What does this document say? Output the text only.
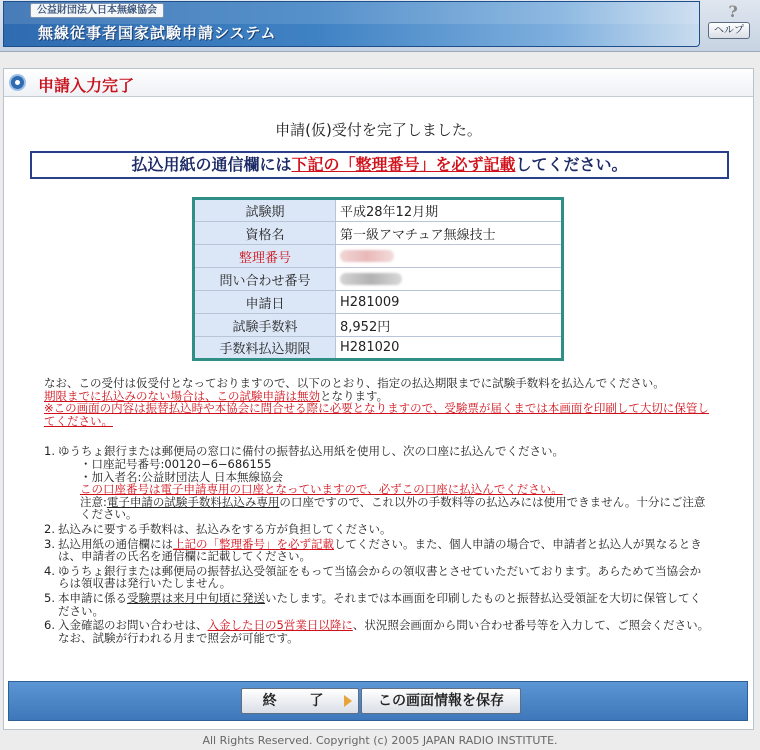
公益財団法人日本無線協会
無線従事者国家試験申請システム
?
ヘルプ
申請入力完了
申請(仮)受付を完了しました。
払込用紙の通信欄には下記の「整理番号」を必ず記載してください。
試験期	平成28年12月期
資格名	第一級アマチュア無線技士
整理番号	
問い合わせ番号	
申請日	H281009
試験手数料	8,952円
手数料払込期限	H281020

なお、この受付は仮受付となっておりますので、以下のとおり、指定の払込期限までに試験手数料を払込んでください。

期限までに払込みのない場合は、この試験申請は無効となります。

※この画面の内容は振替払込時や本協会に問合せる際に必要となりますので、受験票が届くまでは本画面を印刷して大切に保管してください。

1. ゆうちょ銀行または郵便局の窓口に備付の振替払込用紙を使用し、次の口座に払込んでください。
・口座記号番号:00120−6−686155
・加入者名:公益財団法人 日本無線協会
この口座番号は電子申請専用の口座となっていますので、必ずこの口座に払込んでください。
注意:電子申請の試験手数料払込み専用の口座ですので、これ以外の手数料等の払込みには使用できません。十分にご注意ください。
2. 払込みに要する手数料は、払込みをする方が負担してください。
3. 払込用紙の通信欄には上記の「整理番号」を必ず記載してください。また、個人申請の場合で、申請者と払込人が異なるときは、申請者の氏名を通信欄に記載してください。
4. ゆうちょ銀行または郵便局の振替払込受領証をもって当協会からの領収書とさせていただいております。あらためて当協会からは領収書は発行いたしません。
5. 本申請に係る受験票は来月中旬頃に発送いたします。それまでは本画面を印刷したものと振替払込受領証を大切に保管してください。
6. 入金確認のお問い合わせは、入金した日の5営業日以降に、状況照会画面から問い合わせ番号等を入力して、ご照会ください。
なお、試験が行われる月まで照会が可能です。
終 了	この画面情報を保存
All Rights Reserved. Copyright (c) 2005 JAPAN RADIO INSTITUTE.
